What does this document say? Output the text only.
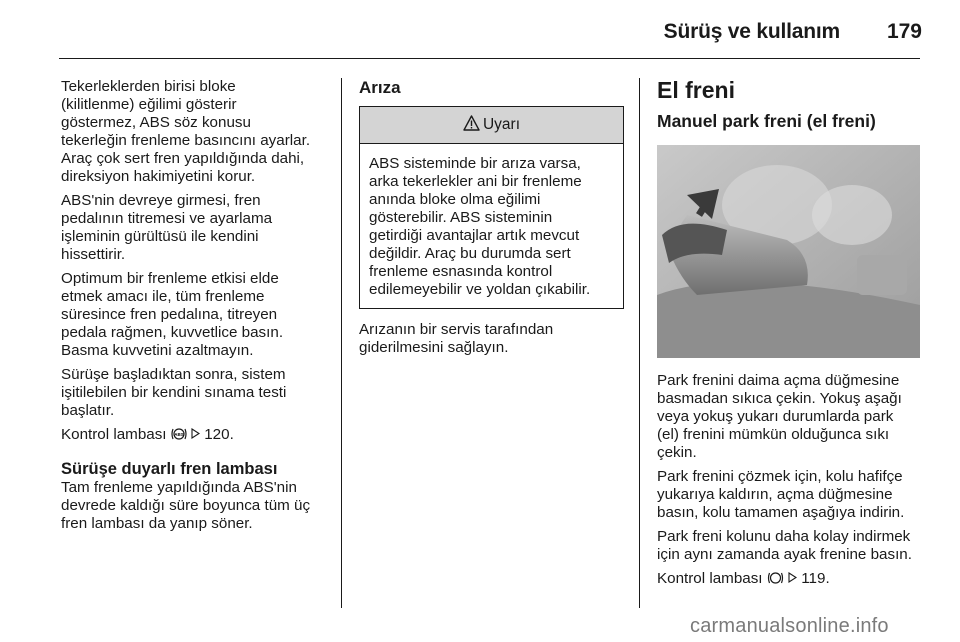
Sürüş ve kullanım	179

Tekerleklerden birisi bloke
(kilitlenme) eğilimi gösterir
göstermez, ABS söz konusu
tekerleğin frenleme basıncını ayarlar.
Araç çok sert fren yapıldığında dahi,
direksiyon hakimiyetini korur.

ABS'nin devreye girmesi, fren
pedalının titremesi ve ayarlama
işleminin gürültüsü ile kendini
hissettirir.

Optimum bir frenleme etkisi elde
etmek amacı ile, tüm frenleme
süresince fren pedalına, titreyen
pedala rağmen, kuvvetlice basın.
Basma kuvvetini azaltmayın.

Sürüşe başladıktan sonra, sistem
işitilebilen bir kendini sınama testi
başlatır.

Kontrol lambası ABS 120.

Sürüşe duyarlı fren lambası

Tam frenleme yapıldığında ABS'nin
devrede kaldığı süre boyunca tüm üç
fren lambası da yanıp söner.

Arıza
Uyarı
ABS sisteminde bir arıza varsa,
arka tekerlekler ani bir frenleme
anında bloke olma eğilimi
gösterebilir. ABS sisteminin
getirdiği avantajlar artık mevcut
değildir. Araç bu durumda sert
frenleme esnasında kontrol
edilemeyebilir ve yoldan çıkabilir.

Arızanın bir servis tarafından
giderilmesini sağlayın.

El freni
Manuel park freni (el freni)

Park frenini daima açma düğmesine
basmadan sıkıca çekin. Yokuş aşağı
veya yokuş yukarı durumlarda park
(el) frenini mümkün olduğunca sıkı
çekin.

Park frenini çözmek için, kolu hafifçe
yukarıya kaldırın, açma düğmesine
basın, kolu tamamen aşağıya indirin.

Park freni kolunu daha kolay indirmek
için aynı zamanda ayak frenine basın.

Kontrol lambası	119.

carmanualsonline.info
